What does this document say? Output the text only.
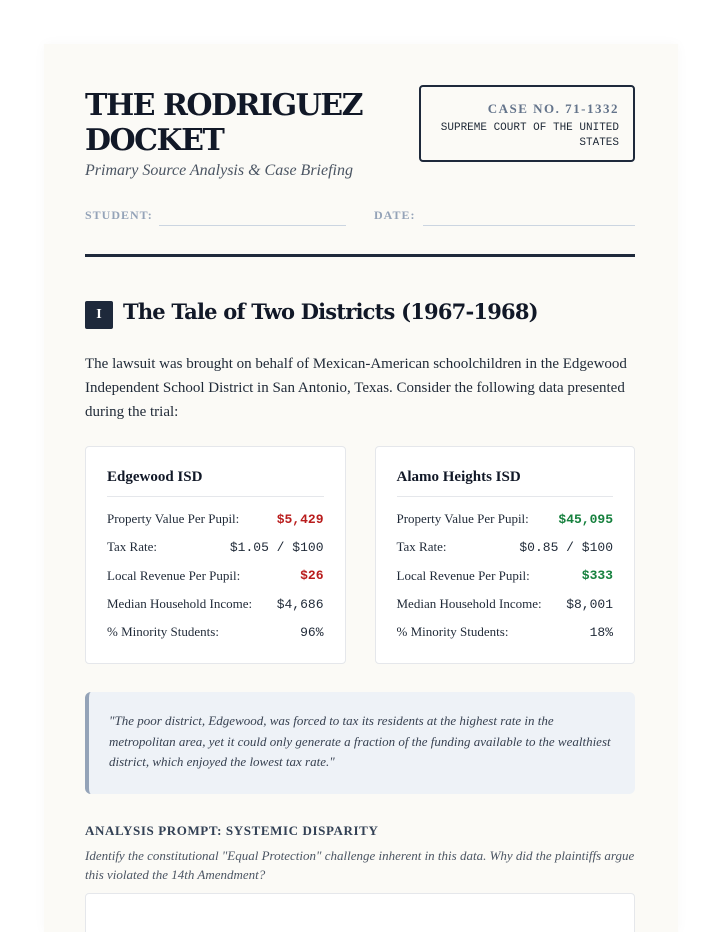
THE RODRIGUEZ DOCKET
Primary Source Analysis & Case Briefing
CASE NO. 71-1332
SUPREME COURT OF THE UNITED STATES
STUDENT:	DATE:
I	The Tale of Two Districts (1967-1968)

The lawsuit was brought on behalf of Mexican-American schoolchildren in the Edgewood Independent School District in San Antonio, Texas. Consider the following data presented during the trial:

Edgewood ISD
Property Value Per Pupil:	$5,429
Tax Rate:	$1.05 / $100
Local Revenue Per Pupil:	$26
Median Household Income: $4,686
% Minority Students:	96%
Alamo Heights ISD
Property Value Per Pupil: $45,095
Tax Rate:	$0.85 / $100
Local Revenue Per Pupil:	$333
Median Household Income: $8,001
% Minority Students:	18%
"The poor district, Edgewood, was forced to tax its residents at the highest rate in the metropolitan area, yet it could only generate a fraction of the funding available to the wealthiest district, which enjoyed the lowest tax rate."
ANALYSIS PROMPT: SYSTEMIC DISPARITY

Identify the constitutional "Equal Protection" challenge inherent in this data. Why did the plaintiffs argue this violated the 14th Amendment?
